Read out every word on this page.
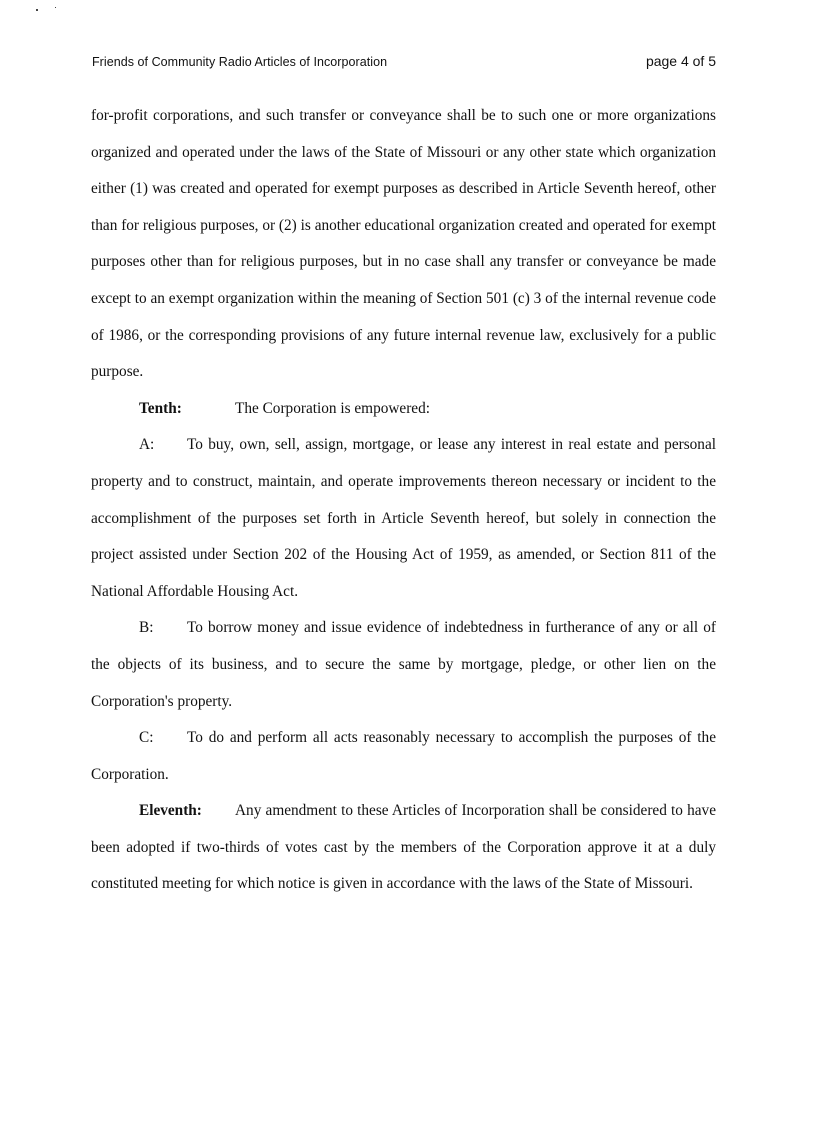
Friends of Community Radio Articles of Incorporation	page 4 of 5

for-profit corporations, and such transfer or conveyance shall be to such one or more organizations organized and operated under the laws of the State of Missouri or any other state which organization either (1) was created and operated for exempt purposes as described in Article Seventh hereof, other than for religious purposes, or (2) is another educational organization created and operated for exempt purposes other than for religious purposes, but in no case shall any transfer or conveyance be made except to an exempt organization within the meaning of Section 501 (c) 3 of the internal revenue code of 1986, or the corresponding provisions of any future internal revenue law, exclusively for a public purpose.

Tenth:	The Corporation is empowered:

A: To buy, own, sell, assign, mortgage, or lease any interest in real estate and personal property and to construct, maintain, and operate improvements thereon necessary or incident to the accomplishment of the purposes set forth in Article Seventh hereof, but solely in connection the project assisted under Section 202 of the Housing Act of 1959, as amended, or Section 811 of the National Affordable Housing Act.

B: To borrow money and issue evidence of indebtedness in furtherance of any or all of the objects of its business, and to secure the same by mortgage, pledge, or other lien on the Corporation's property.

C: To do and perform all acts reasonably necessary to accomplish the purposes of the Corporation.

Eleventh: Any amendment to these Articles of Incorporation shall be considered to have been adopted if two-thirds of votes cast by the members of the Corporation approve it at a duly constituted meeting for which notice is given in accordance with the laws of the State of Missouri.
